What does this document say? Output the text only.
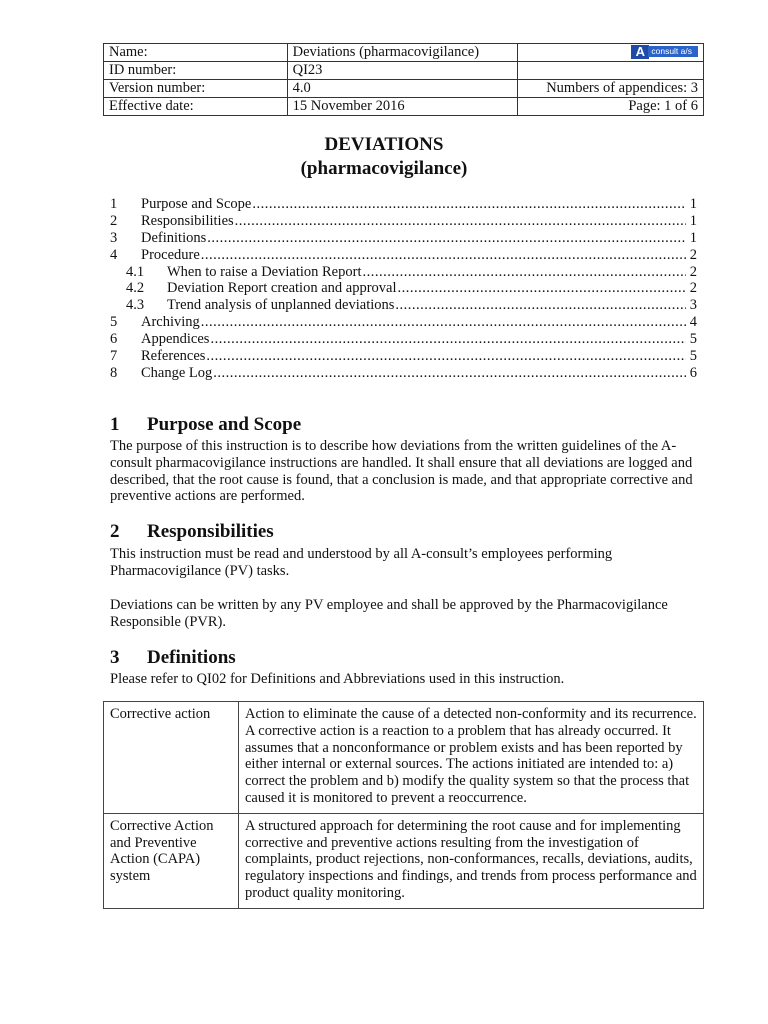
Name:	Deviations (pharmacovigilance)	A consult a/s

ID number:	QI23	
Version number:	4.0	Numbers of appendices: 3
Effective date:	15 November 2016	Page: 1 of 6
DEVIATIONS
(pharmacovigilance)
1	Purpose and Scope .....	1
2	Responsibilities .....	1
3	Definitions .....	1
4	Procedure .....	2
4.1	When to raise a Deviation Report .....	2
4.2	Deviation Report creation and approval .....	2
4.3	Trend analysis of unplanned deviations .....	3
5	Archiving .....	4
6	Appendices .....	5
7	References .....	5
8	Change Log .....	6
1 Purpose and Scope

The purpose of this instruction is to describe how deviations from the written guidelines of the A-consult pharmacovigilance instructions are handled. It shall ensure that all deviations are logged and described, that the root cause is found, that a conclusion is made, and that appropriate corrective and preventive actions are performed.

2 Responsibilities

This instruction must be read and understood by all A-consult’s employees performing Pharmacovigilance (PV) tasks.

Deviations can be written by any PV employee and shall be approved by the Pharmacovigilance Responsible (PVR).

3 Definitions

Please refer to QI02 for Definitions and Abbreviations used in this instruction.

Corrective action	Action to eliminate the cause of a detected non-conformity and its recurrence. A corrective action is a reaction to a problem that has already occurred. It assumes that a nonconformance or problem exists and has been reported by either internal or external sources. The actions initiated are intended to: a) correct the problem and b) modify the quality system so that the process that caused it is monitored to prevent a reoccurrence.
Corrective Action and Preventive Action (CAPA) system	A structured approach for determining the root cause and for implementing corrective and preventive actions resulting from the investigation of complaints, product rejections, non-conformances, recalls, deviations, audits, regulatory inspections and findings, and trends from process performance and product quality monitoring.
